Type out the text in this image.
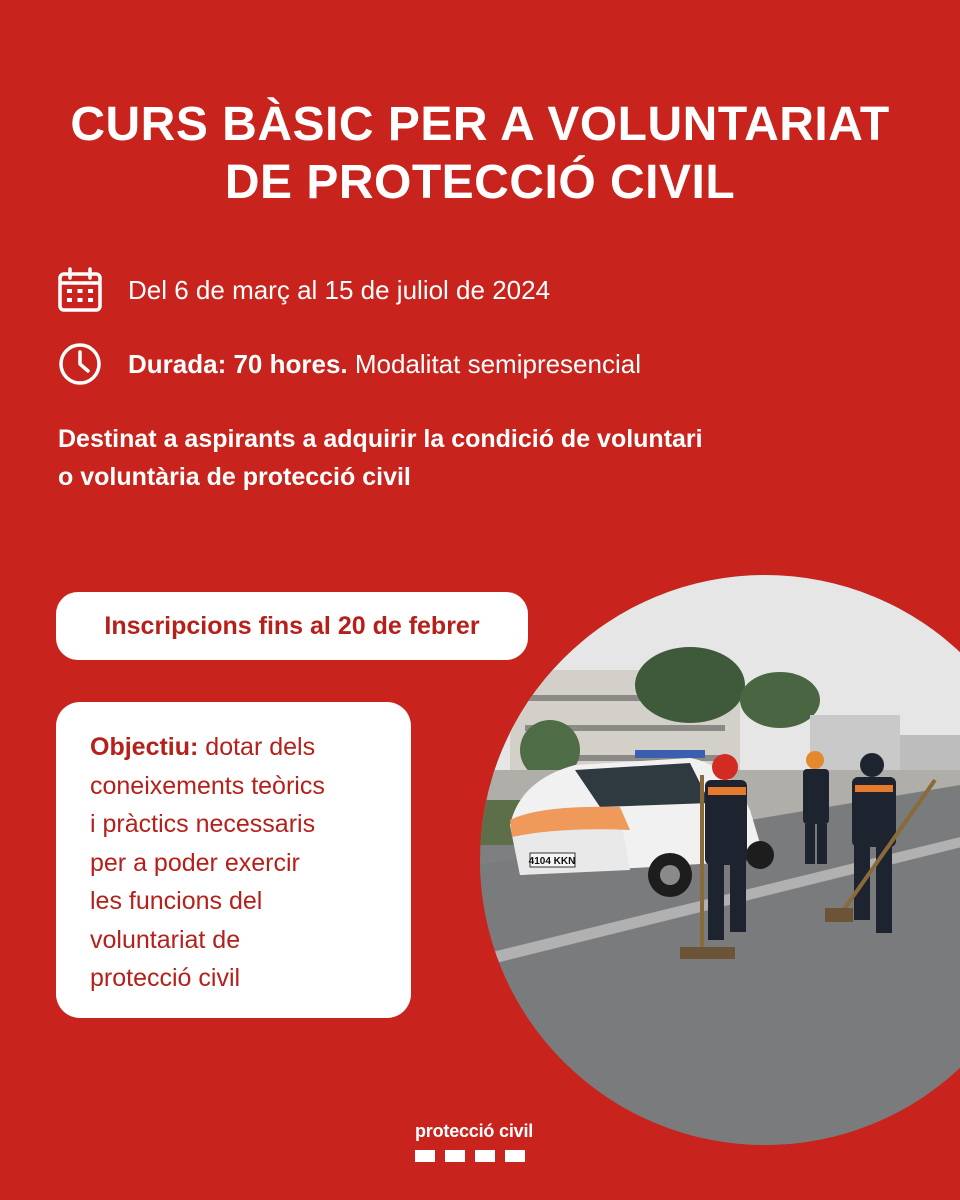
CURS BÀSIC PER A VOLUNTARIAT
DE PROTECCIÓ CIVIL
Del 6 de març al 15 de juliol de 2024
Durada: 70 hores. Modalitat semipresencial
Destinat a aspirants a adquirir la condició de voluntari
o voluntària de protecció civil
4104 KKN
Inscripcions fins al 20 de febrer
Objectiu: dotar dels
coneixements teòrics
i pràctics necessaris
per a poder exercir
les funcions del
voluntariat de
protecció civil
protecció civil
